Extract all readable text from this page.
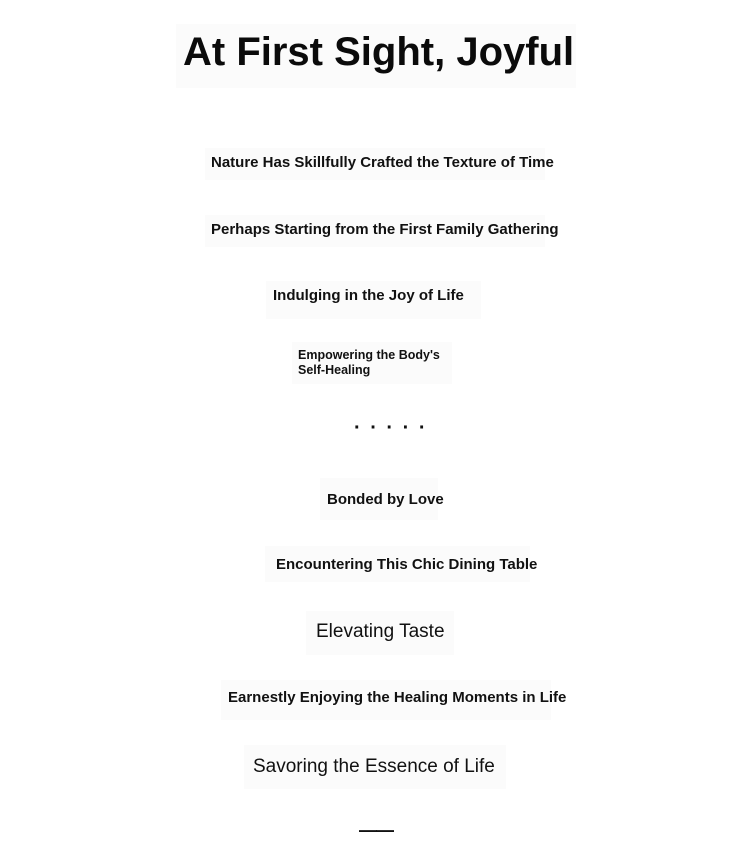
At First Sight, Joyful
Nature Has Skillfully Crafted the Texture of Time
Perhaps Starting from the First Family Gathering
Indulging in the Joy of Life
Empowering the Body's Self-Healing
· · · · ·
Bonded by Love
Encountering This Chic Dining Table
Elevating Taste
Earnestly Enjoying the Healing Moments in Life
Savoring the Essence of Life
——
